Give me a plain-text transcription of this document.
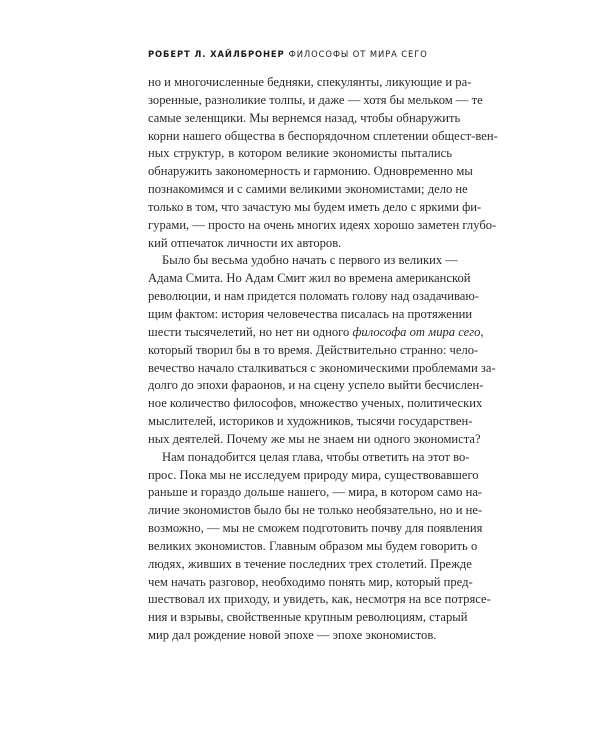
РОБЕРТ Л. ХАЙЛБРОНЕР ФИЛОСОФЫ ОТ МИРА СЕГО
но и многочисленные бедняки, спекулянты, ликующие и ра-
зоренные, разноликие толпы, и даже — хотя бы мельком — те
самые зеленщики. Мы вернемся назад, чтобы обнаружить
корни нашего общества в беспорядочном сплетении общест-вен-
ных структур, в котором великие экономисты пытались
обнаружить закономерность и гармонию. Одновременно мы
познакомимся и с самими великими экономистами; дело не
только в том, что зачастую мы будем иметь дело с яркими фи-
гурами, — просто на очень многих идеях хорошо заметен глубо-
кий отпечаток личности их авторов.
Было бы весьма удобно начать с первого из великих —
Адама Смита. Но Адам Смит жил во времена американской
революции, и нам придется поломать голову над озадачиваю-
щим фактом: история человечества писалась на протяжении
шести тысячелетий, но нет ни одного философа от мира сего,
который творил бы в то время. Действительно странно: чело-
вечество начало сталкиваться с экономическими проблемами за-
долго до эпохи фараонов, и на сцену успело выйти бесчислен-
ное количество философов, множество ученых, политических
мыслителей, историков и художников, тысячи государствен-
ных деятелей. Почему же мы не знаем ни одного экономиста?
Нам понадобится целая глава, чтобы ответить на этот во-
прос. Пока мы не исследуем природу мира, существовавшего
раньше и гораздо дольше нашего, — мира, в котором само на-
личие экономистов было бы не только необязательно, но и не-
возможно, — мы не сможем подготовить почву для появления
великих экономистов. Главным образом мы будем говорить о
людях, живших в течение последних трех столетий. Прежде
чем начать разговор, необходимо понять мир, который пред-
шествовал их приходу, и увидеть, как, несмотря на все потрясе-
ния и взрывы, свойственные крупным революциям, старый
мир дал рождение новой эпохе — эпохе экономистов.
